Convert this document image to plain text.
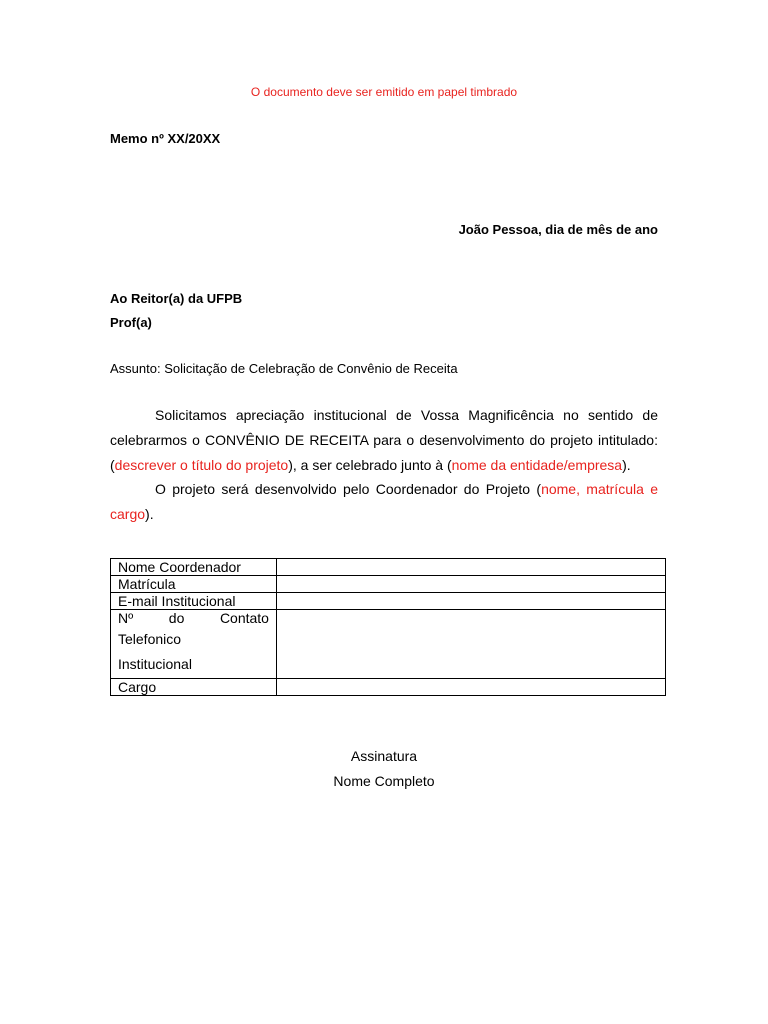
O documento deve ser emitido em papel timbrado
Memo nº XX/20XX
João Pessoa, dia de mês de ano
Ao Reitor(a) da UFPB
Prof(a)
Assunto: Solicitação de Celebração de Convênio de Receita

Solicitamos apreciação institucional de Vossa Magnificência no sentido de celebrarmos o CONVÊNIO DE RECEITA para o desenvolvimento do projeto intitulado: (descrever o título do projeto), a ser celebrado junto à (nome da entidade/empresa).

O projeto será desenvolvido pelo Coordenador do Projeto (nome, matrícula e cargo).

Nome Coordenador	
Matrícula	
E-mail Institucional	

Nº do Contato
Telefonico
Institucional	

Cargo	
Assinatura
Nome Completo
